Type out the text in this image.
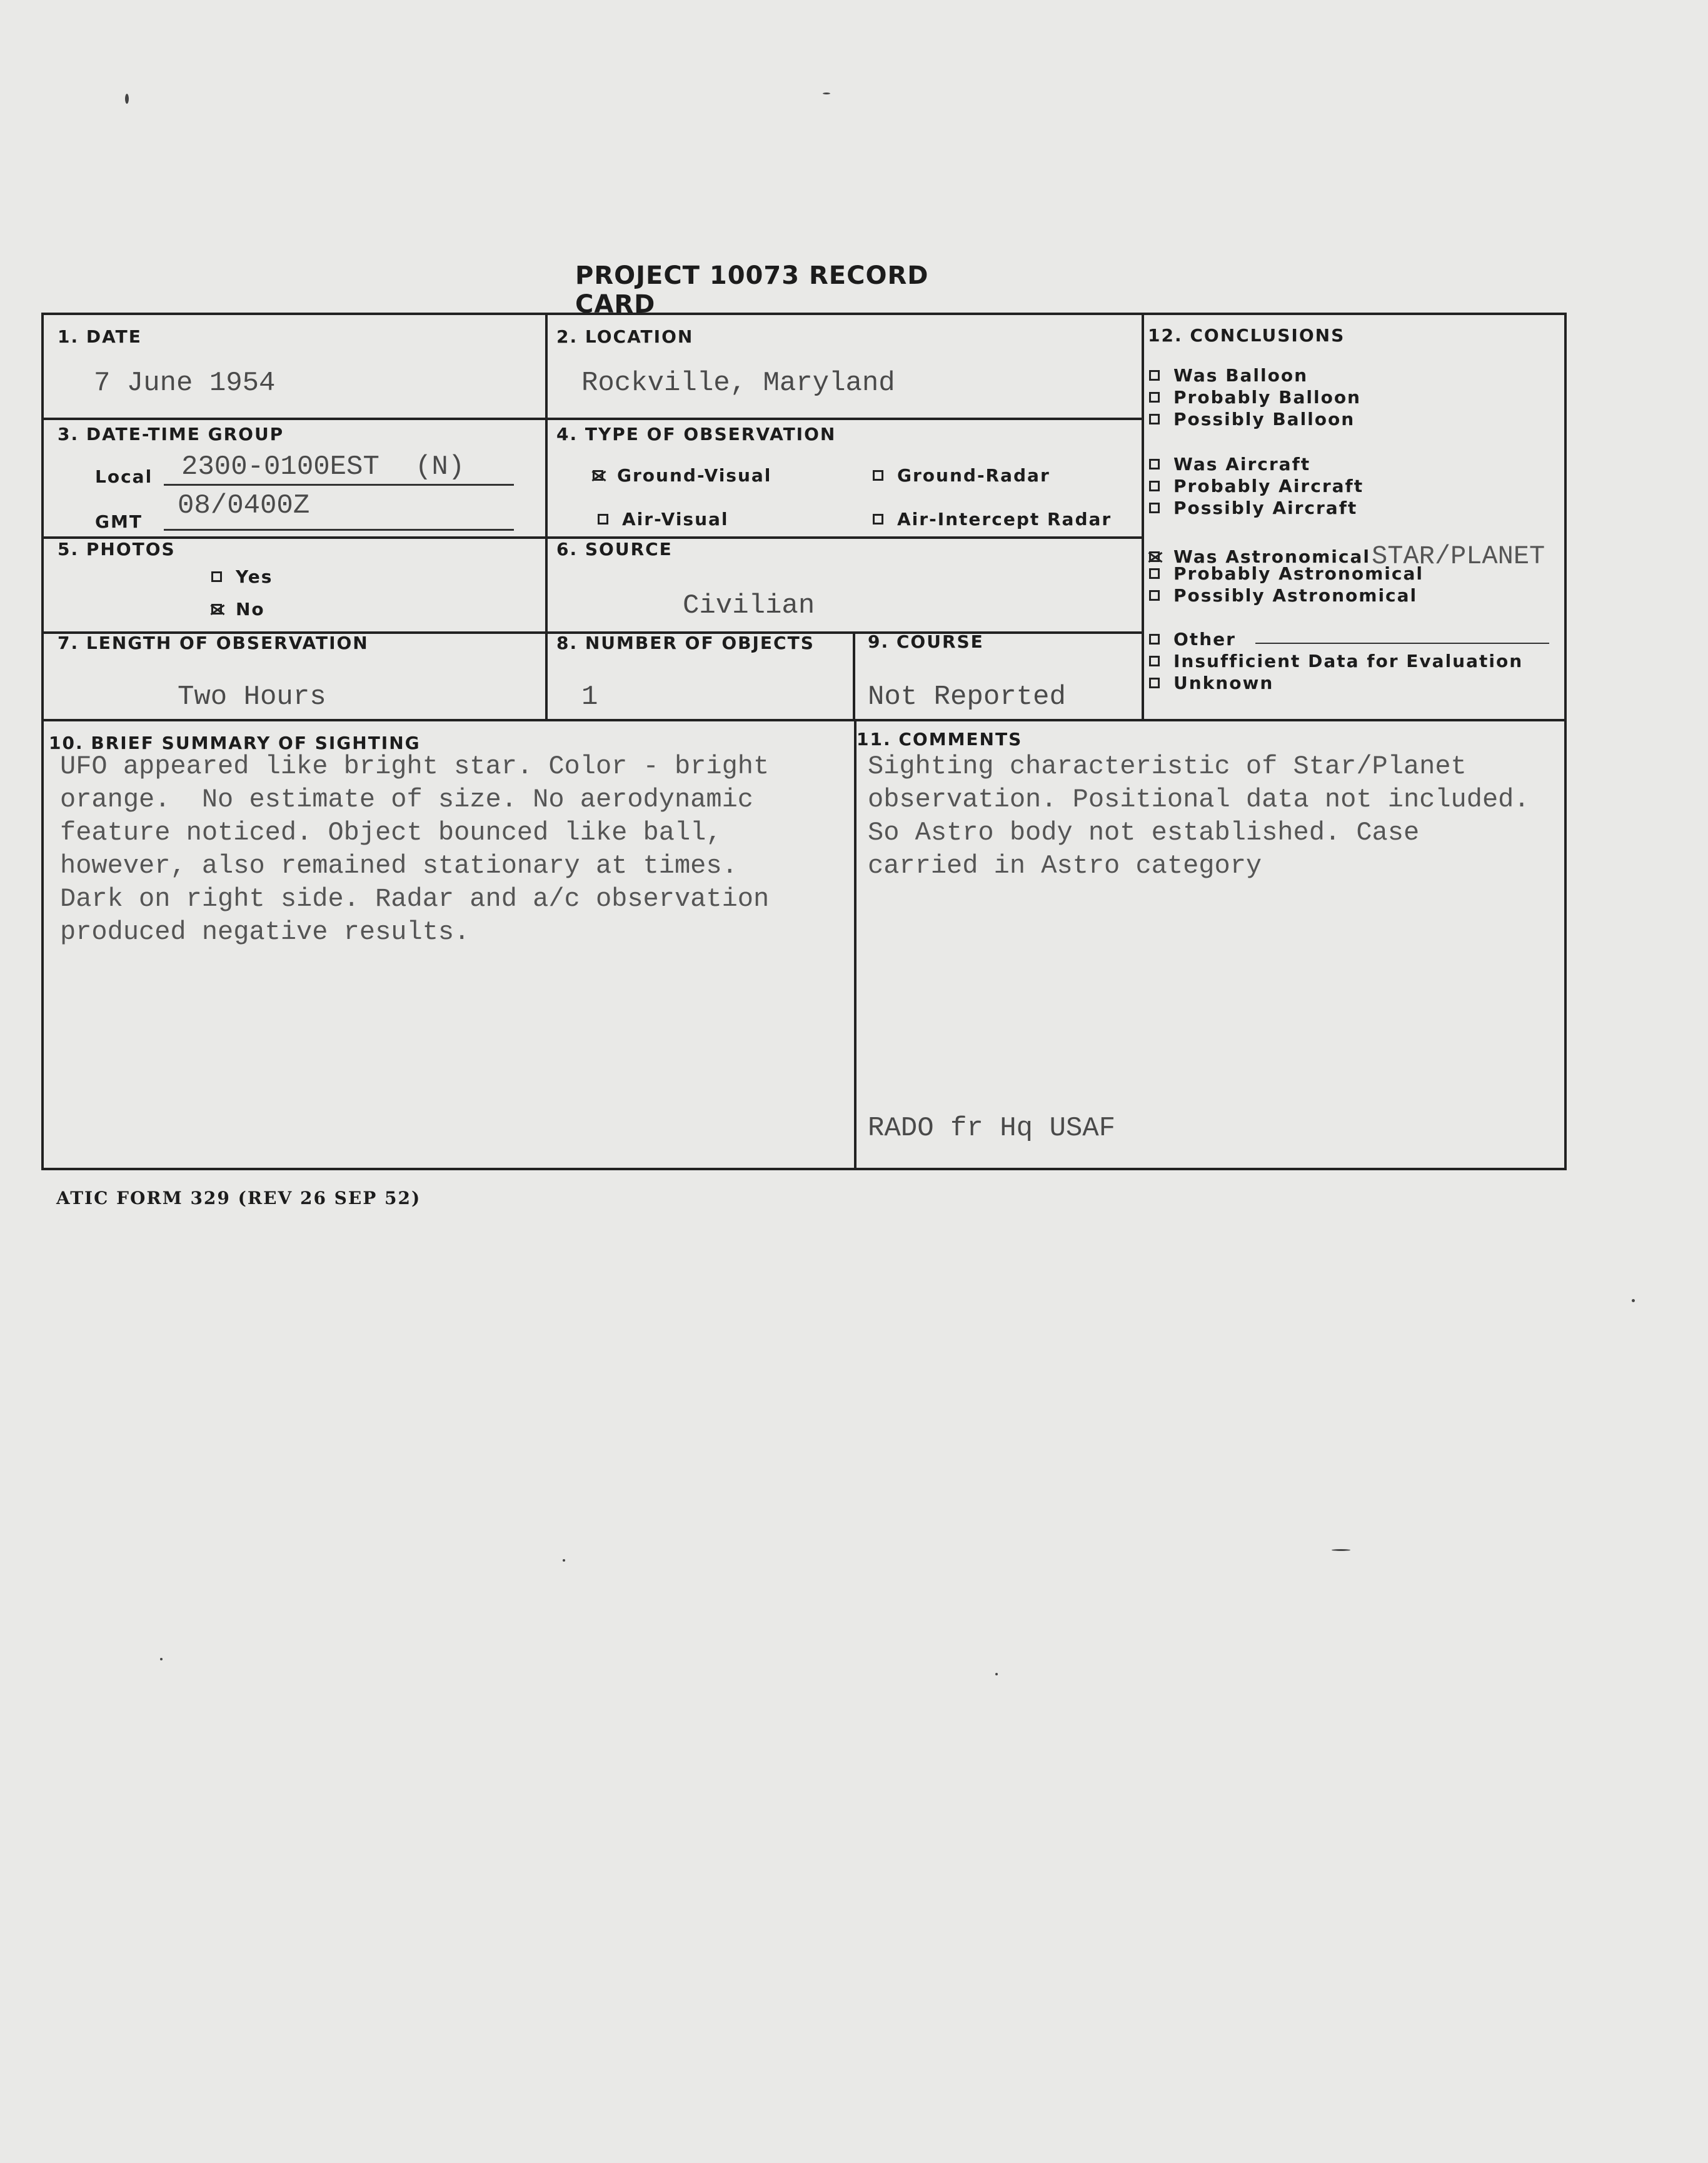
PROJECT 10073 RECORD CARD
1. DATE
7 June 1954
2. LOCATION
Rockville, Maryland
3. DATE-TIME GROUP
Local 2300-0100EST (N)
GMT
08/0400Z
4. TYPE OF OBSERVATION
Ground-Visual	Ground-Radar
Air-Visual	Air-Intercept Radar
5. PHOTOS
Yes
No
6. SOURCE
Civilian
7. LENGTH OF OBSERVATION
Two Hours
8. NUMBER OF OBJECTS
1
9. COURSE
Not Reported
10. BRIEF SUMMARY OF SIGHTING
UFO appeared like bright star. Color - bright
orange.  No estimate of size. No aerodynamic
feature noticed. Object bounced like ball,
however, also remained stationary at times.
Dark on right side. Radar and a/c observation
produced negative results.
11. COMMENTS
Sighting characteristic of Star/Planet
observation. Positional data not included.
So Astro body not established. Case
carried in Astro category
RADO fr Hq USAF
12. CONCLUSIONS
Was Balloon
Probably Balloon
Possibly Balloon
Was Aircraft
Probably Aircraft
Possibly Aircraft
Was Astronomical STAR/PLANET
Probably Astronomical
Possibly Astronomical
Other
Insufficient Data for Evaluation
Unknown
ATIC FORM 329 (REV 26 SEP 52)
